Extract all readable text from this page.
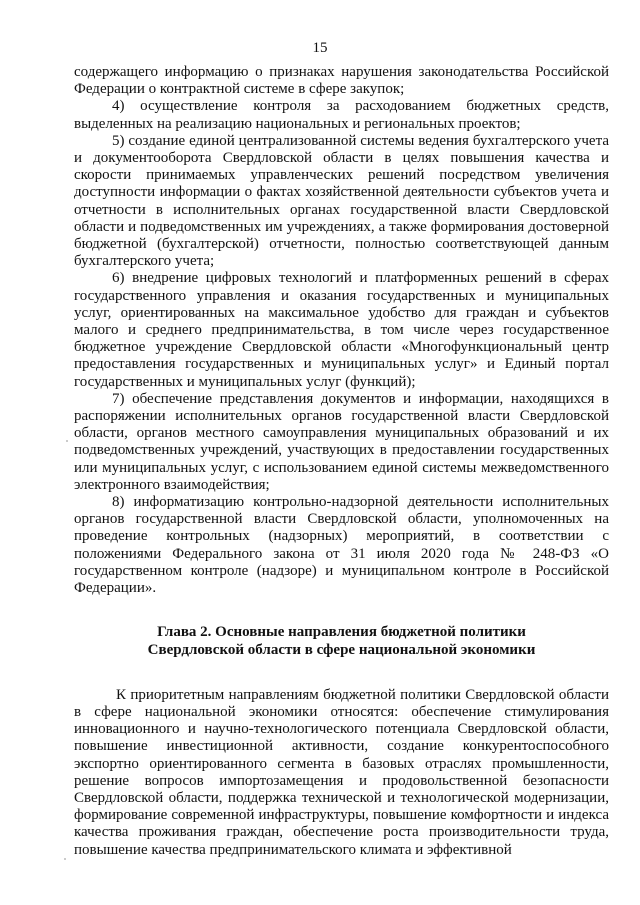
15

содержащего информацию о признаках нарушения законодательства Российской Федерации о контрактной системе в сфере закупок;

4) осуществление контроля за расходованием бюджетных средств, выделенных на реализацию национальных и региональных проектов;

5) создание единой централизованной системы ведения бухгалтерского учета и документооборота Свердловской области в целях повышения качества и скорости принимаемых управленческих решений посредством увеличения доступности информации о фактах хозяйственной деятельности субъектов учета и отчетности в исполнительных органах государственной власти Свердловской области и подведомственных им учреждениях, а также формирования достоверной бюджетной (бухгалтерской) отчетности, полностью соответствующей данным бухгалтерского учета;

6) внедрение цифровых технологий и платформенных решений в сферах государственного управления и оказания государственных и муниципальных услуг, ориентированных на максимальное удобство для граждан и субъектов малого и среднего предпринимательства, в том числе через государственное бюджетное учреждение Свердловской области «Многофункциональный центр предоставления государственных и муниципальных услуг» и Единый портал государственных и муниципальных услуг (функций);

7) обеспечение представления документов и информации, находящихся в распоряжении исполнительных органов государственной власти Свердловской области, органов местного самоуправления муниципальных образований и их подведомственных учреждений, участвующих в предоставлении государственных или муниципальных услуг, с использованием единой системы межведомственного электронного взаимодействия;

8) информатизацию контрольно-надзорной деятельности исполнительных органов государственной власти Свердловской области, уполномоченных на проведение контрольных (надзорных) мероприятий, в соответствии с положениями Федерального закона от 31 июля 2020 года № 248-ФЗ «О государственном контроле (надзоре) и муниципальном контроле в Российской Федерации».

Глава 2. Основные направления бюджетной политики
Свердловской области в сфере национальной экономики

К приоритетным направлениям бюджетной политики Свердловской области в сфере национальной экономики относятся: обеспечение стимулирования инновационного и научно-технологического потенциала Свердловской области, повышение инвестиционной активности, создание конкурентоспособного экспортно ориентированного сегмента в базовых отраслях промышленности, решение вопросов импортозамещения и продовольственной безопасности Свердловской области, поддержка технической и технологической модернизации, формирование современной инфраструктуры, повышение комфортности и индекса качества проживания граждан, обеспечение роста производительности труда, повышение качества предпринимательского климата и эффективной
